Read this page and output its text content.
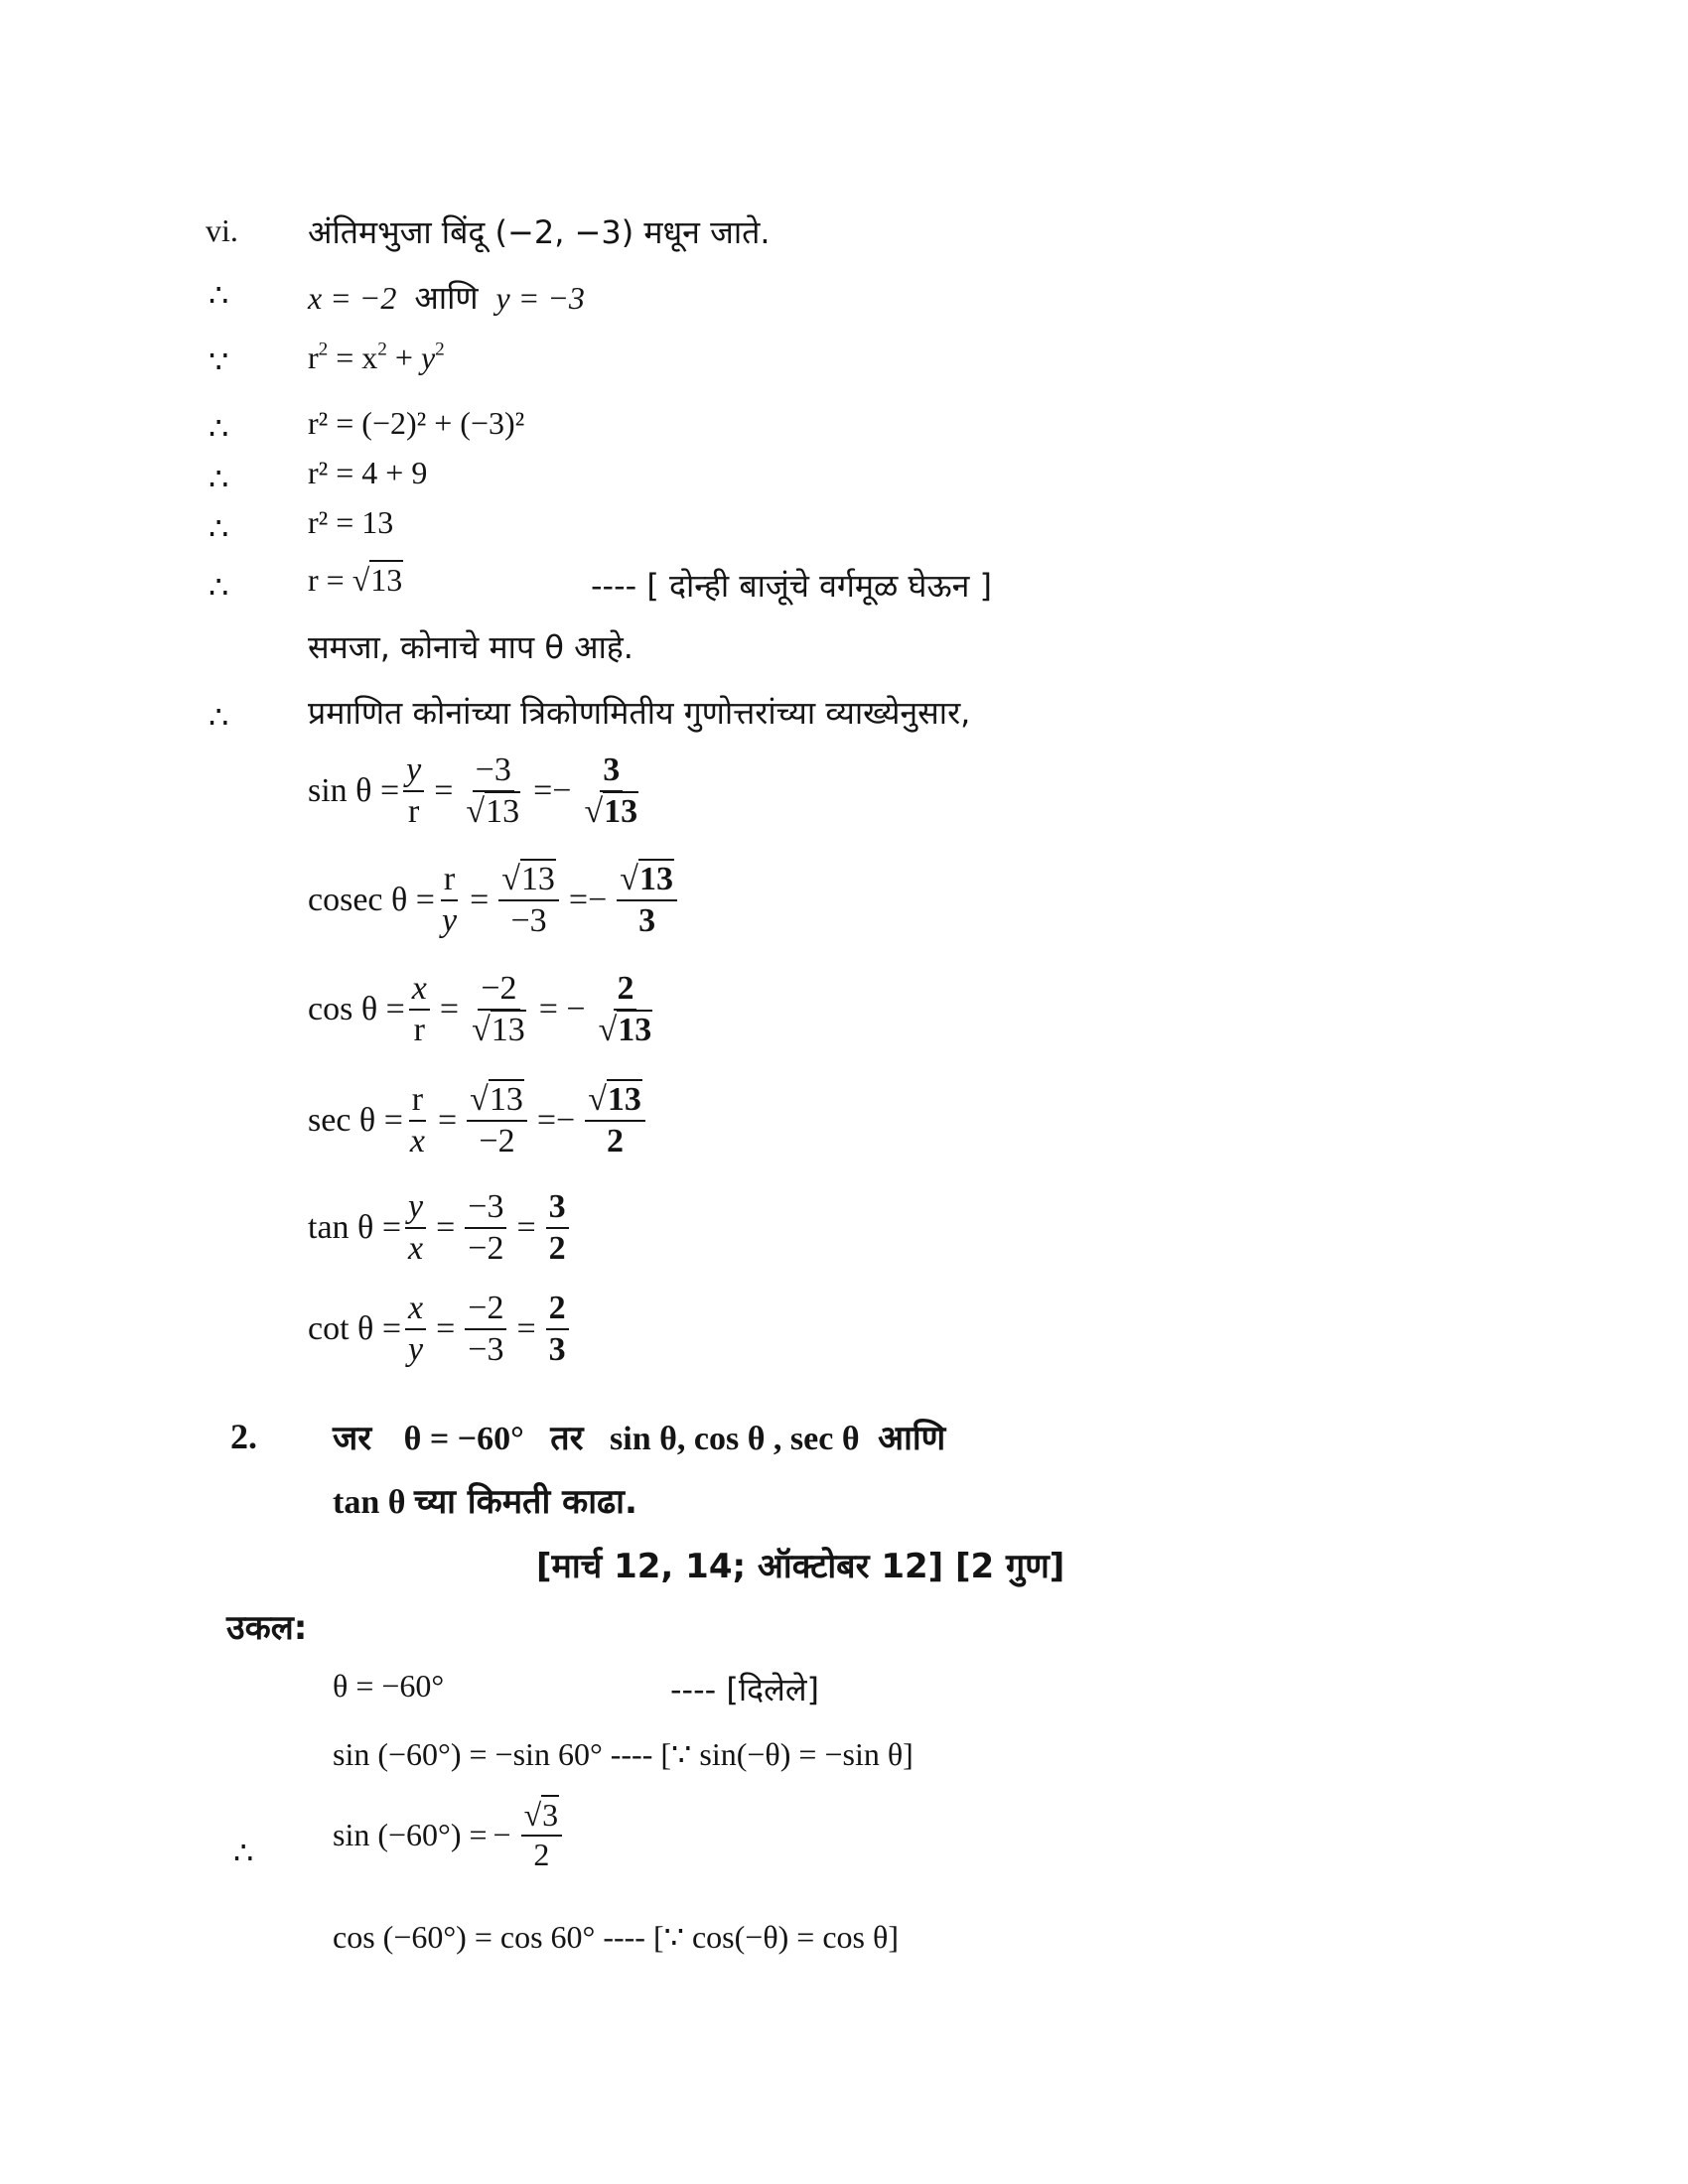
vi. अंतिमभुजा बिंदू (−2, −3) मधून जाते.
∴ x = −2 आणि y = −3
∵ $r^2 = x^2 + y^2$
∴ r² = (−2)² + (−3)²
∴ r² = 4 + 9
∴ r² = 13
∴ r = √13	---- [ दोन्ही बाजूंचे वर्गमूळ घेऊन ]
समजा, कोनाचे माप θ आहे.
∴ प्रमाणित कोनांच्या त्रिकोणमितीय गुणोत्तरांच्या व्याख्येनुसार,
$\sin \theta = \frac{y}{r} = \frac{-3}{√13} =- \frac{3}{√13}$
cosec $\theta = \frac{r}{y} = \frac{√13}{-3} =- \frac{√13}{3}$
$\cos \theta = \frac{x}{r} = \frac{-2}{√13}$ = − $\frac{2}{√13}$
$\sec \theta = \frac{r}{x} = \frac{√13}{-2} =- \frac{√13}{2}$
$\tan \theta = \frac{y}{x} = \frac{-3}{-2} = \frac{3}{2}$
$\cot \theta = \frac{x}{y} = \frac{-2}{-3} = \frac{2}{3}$
2. जर θ = −60° तर sin θ, cos θ , sec θ आणि
tan θ च्या किमती काढा.
[मार्च 12, 14; ऑक्टोबर 12] [2 गुण]
उकल:
θ = −60°	---- [दिलेले]
sin (−60°) = −sin 60° ---- [∵ sin(−θ) = −sin θ]
∴ sin (−60°) = − $\frac{√3}{2}$
cos (−60°) = cos 60° ---- [∵ cos(−θ) = cos θ]
